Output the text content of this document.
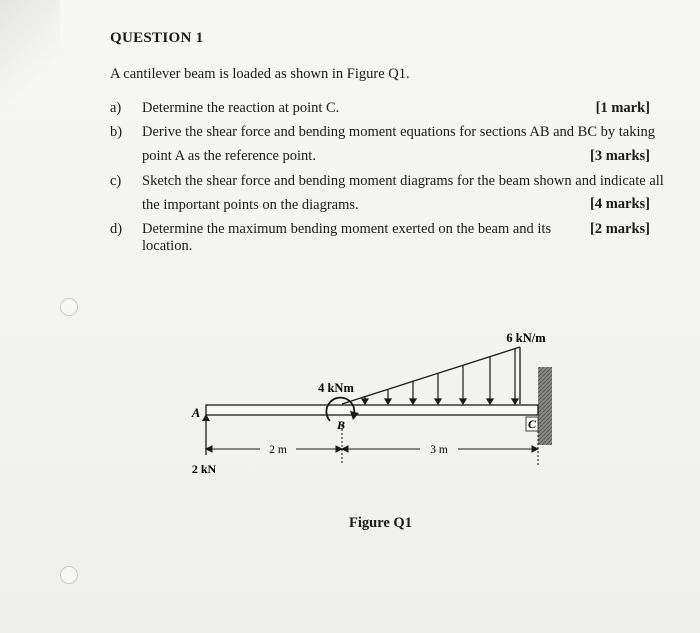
QUESTION 1
A cantilever beam is loaded as shown in Figure Q1.
a) Determine the reaction at point C.	[1 mark]
b) Derive the shear force and bending moment equations for sections AB and BC by taking
point A as the reference point.	[3 marks]
c) Sketch the shear force and bending moment diagrams for the beam shown and indicate all
the important points on the diagrams.	[4 marks]
d) Determine the maximum bending moment exerted on the beam and its location.
[2 marks]
6 kN/m
4 kNm
B
2 kN
A
C
2 m	3 m
Figure Q1
